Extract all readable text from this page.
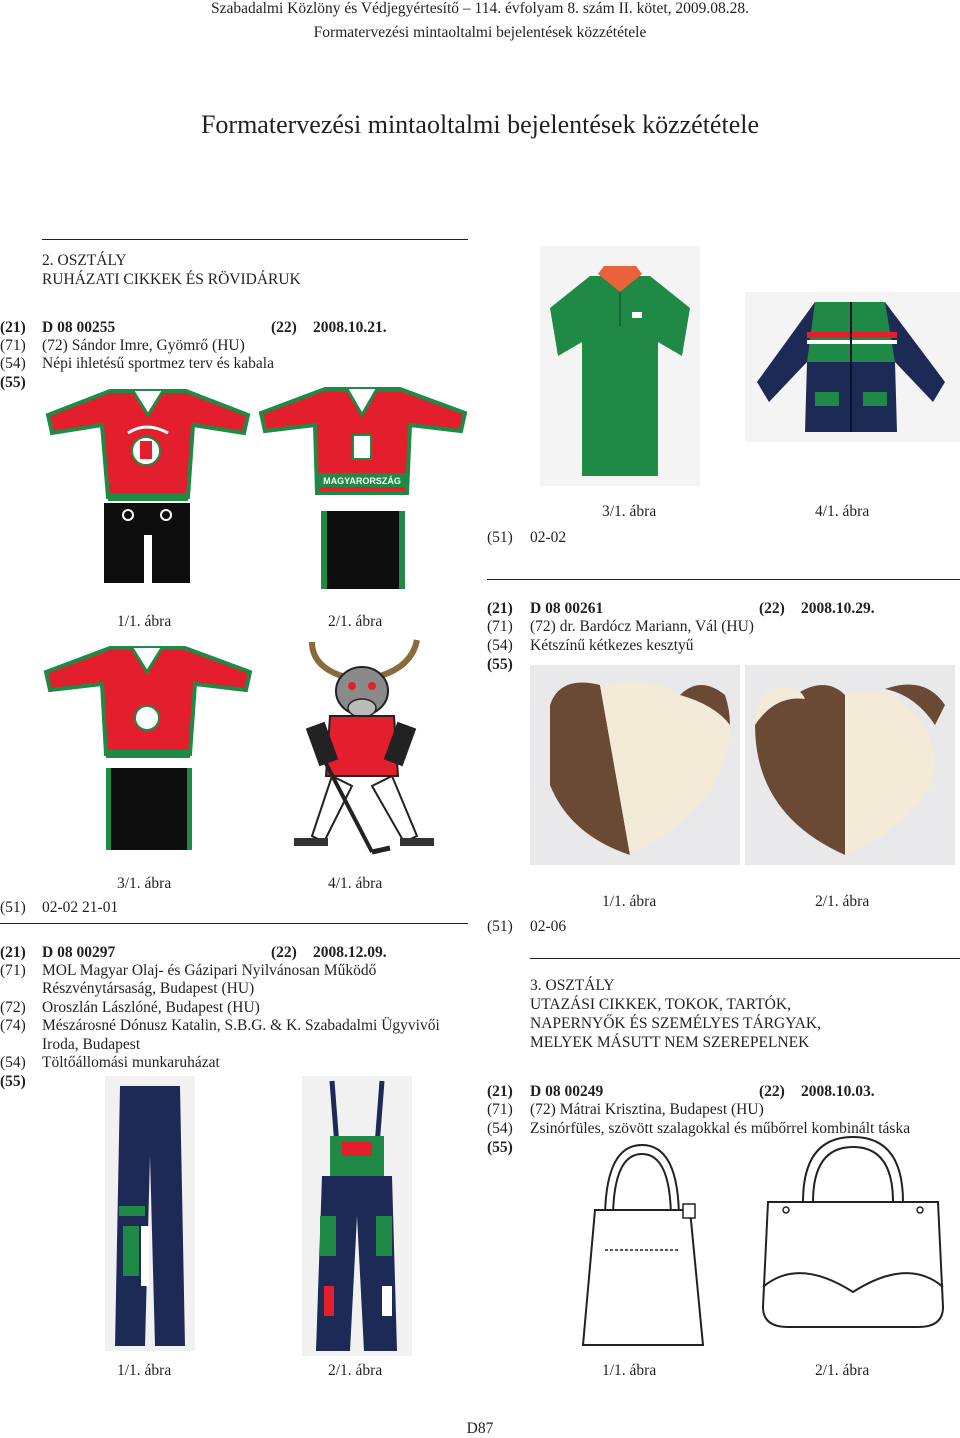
Szabadalmi Közlöny és Védjegyértesítő – 114. évfolyam 8. szám II. kötet, 2009.08.28.
Formatervezési mintaoltalmi bejelentések közzététele
Formatervezési mintaoltalmi bejelentések közzététele
2. OSZTÁLY
RUHÁZATI CIKKEK ÉS RÖVIDÁRUK
(21) D 08 00255	(22) 2008.10.21.
(71) (72) Sándor Imre, Gyömrő (HU)
(54) Népi ihletésű sportmez terv és kabala
(55)
MAGYARORSZÁG
1/1. ábra	2/1. ábra
3/1. ábra	4/1. ábra
(51) 02-02 21-01
3/1. ábra	4/1. ábra
(51) 02-02
(21) D 08 00261	(22) 2008.10.29.
(71) (72) dr. Bardócz Mariann, Vál (HU)
(54) Kétszínű kétkezes kesztyű
(55)
1/1. ábra	2/1. ábra
(51) 02-06
3. OSZTÁLY
UTAZÁSI CIKKEK, TOKOK, TARTÓK,
NAPERNYŐK ÉS SZEMÉLYES TÁRGYAK,
MELYEK MÁSUTT NEM SZEREPELNEK
(21) D 08 00297	(22) 2008.12.09.
(71) MOL Magyar Olaj- és Gázipari Nyilvánosan Működő
Részvénytársaság, Budapest (HU)
(72) Oroszlán Lászlóné, Budapest (HU)
(74) Mészárosné Dónusz Katalin, S.B.G. & K. Szabadalmi Ügyvivői
Iroda, Budapest
(54) Töltőállomási munkaruházat
(55)
1/1. ábra	2/1. ábra
(21) D 08 00249	(22) 2008.10.03.
(71) (72) Mátrai Krisztina, Budapest (HU)
(54) Zsinórfüles, szövött szalagokkal és műbőrrel kombinált táska
(55)
1/1. ábra	2/1. ábra
D87
